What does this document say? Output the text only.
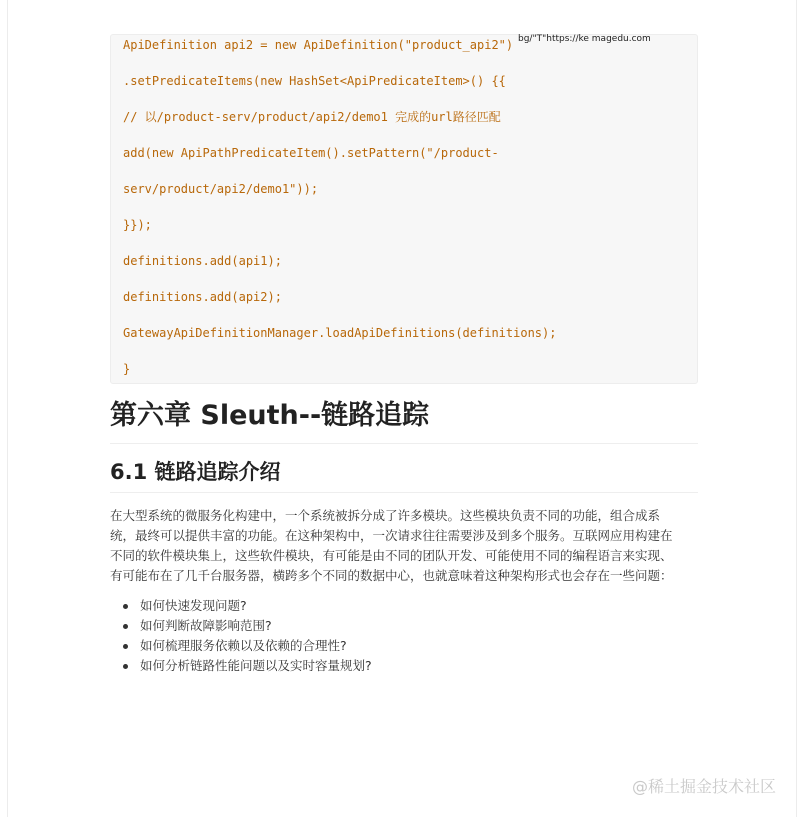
ApiDefinition api2 = new ApiDefinition("product_api2")
.setPredicateItems(new HashSet<ApiPredicateItem>() {{
// 以/product-serv/product/api2/demo1 完成的url路径匹配
add(new ApiPathPredicateItem().setPattern("/product-
serv/product/api2/demo1"));
}});
definitions.add(api1);
definitions.add(api2);
GatewayApiDefinitionManager.loadApiDefinitions(definitions);
}
bg/"T"https://ke magedu.com
第六章 Sleuth--链路追踪
6.1 链路追踪介绍

在大型系统的微服务化构建中，一个系统被拆分成了许多模块。这些模块负责不同的功能，组合成系
统，最终可以提供丰富的功能。在这种架构中，一次请求往往需要涉及到多个服务。互联网应用构建在
不同的软件模块集上，这些软件模块，有可能是由不同的团队开发、可能使用不同的编程语言来实现、
有可能布在了几千台服务器，横跨多个不同的数据中心，也就意味着这种架构形式也会存在一些问题：

如何快速发现问题?
如何判断故障影响范围?
如何梳理服务依赖以及依赖的合理性?
如何分析链路性能问题以及实时容量规划?
@稀土掘金技术社区
